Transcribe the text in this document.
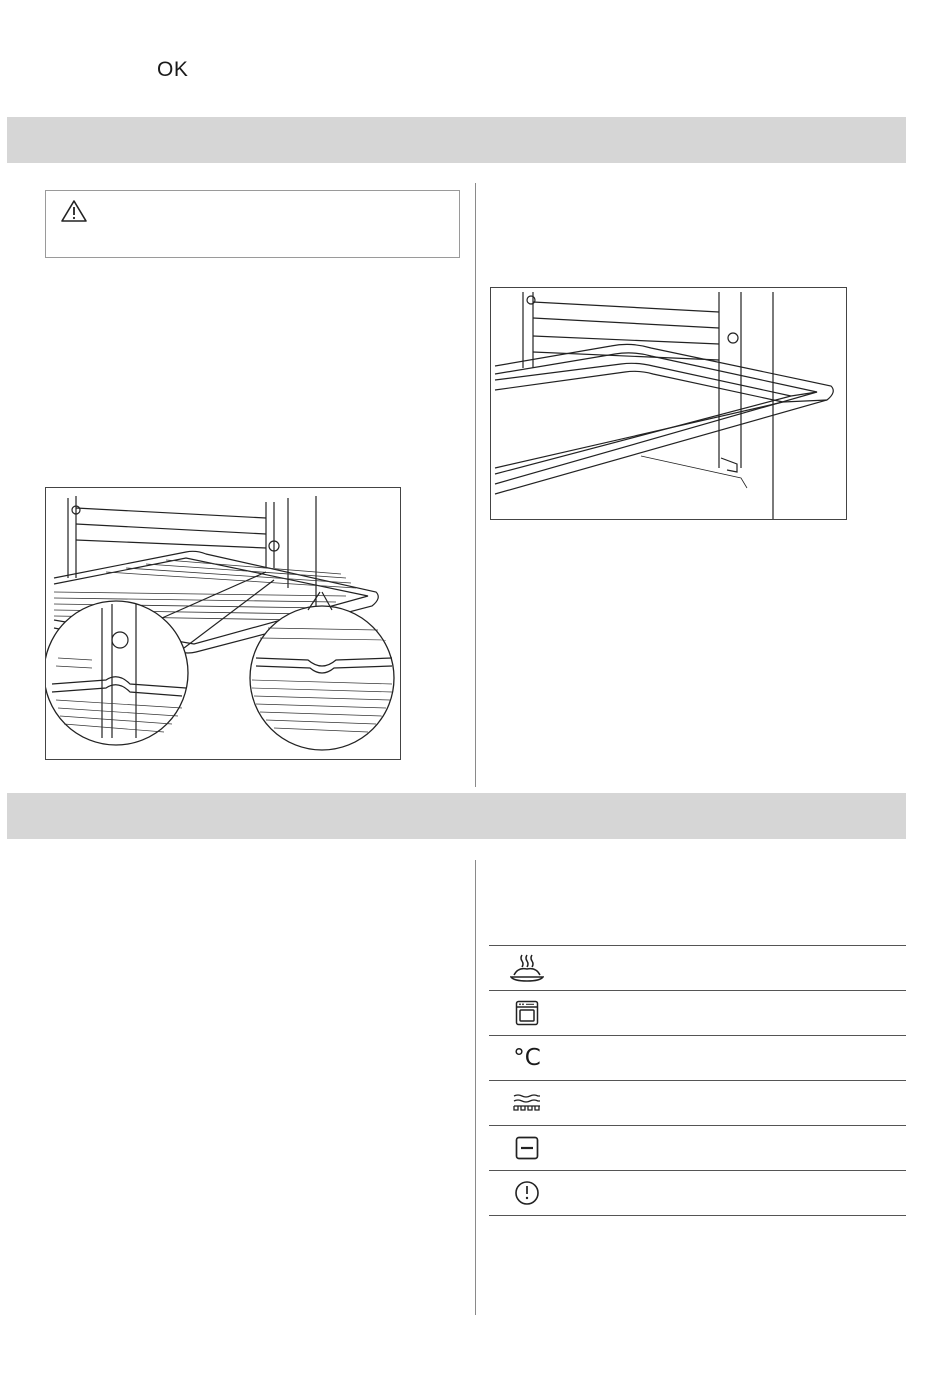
OK
°C
